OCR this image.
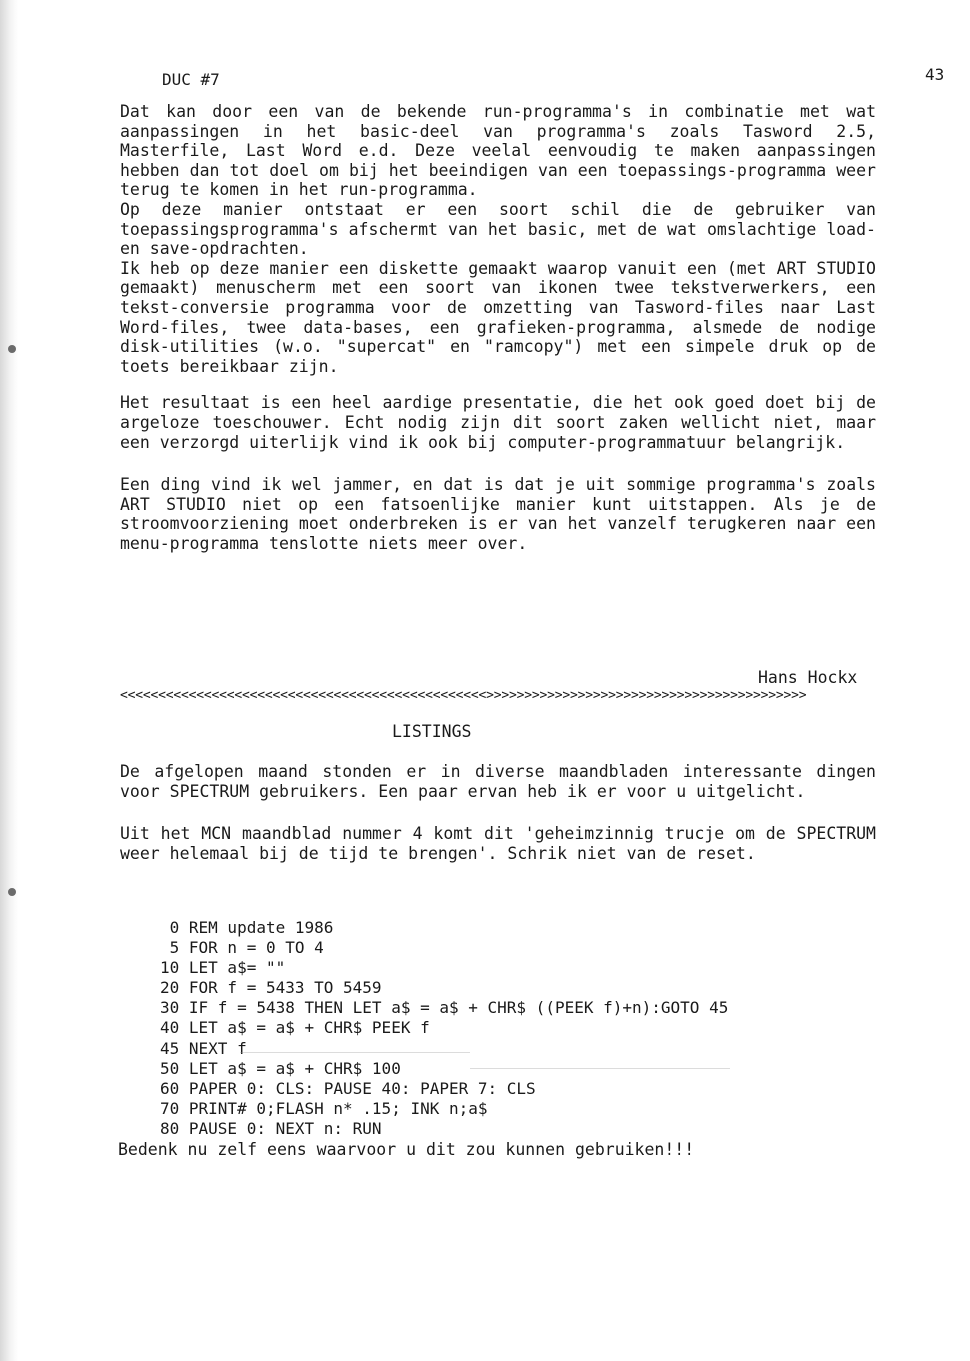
DUC #7	43

Dat kan door een van de bekende run-programma's in combinatie met wat aanpassingen in het basic-deel van programma's zoals Tasword 2.5, Masterfile, Last Word e.d. Deze veelal eenvoudig te maken aanpassingen hebben dan tot doel om bij het beeindigen van een toepassings-programma weer terug te komen in het run-programma.

Op deze manier ontstaat er een soort schil die de gebruiker van toepassingsprogramma's afschermt van het basic, met de wat omslachtige load- en save-opdrachten.

Ik heb op deze manier een diskette gemaakt waarop vanuit een (met ART STUDIO gemaakt) menuscherm met een soort van ikonen twee tekstverwerkers, een tekst-conversie programma voor de omzetting van Tasword-files naar Last Word-files, twee data-bases, een grafieken-programma, alsmede de nodige disk-utilities (w.o. "supercat" en "ramcopy") met een simpele druk op de toets bereikbaar zijn.

Het resultaat is een heel aardige presentatie, die het ook goed doet bij de argeloze toeschouwer. Echt nodig zijn dit soort zaken wellicht niet, maar een verzorgd uiterlijk vind ik ook bij computer-programmatuur belangrijk.

Een ding vind ik wel jammer, en dat is dat je uit sommige programma's zoals ART STUDIO niet op een fatsoenlijke manier kunt uitstappen. Als je de stroomvoorziening moet onderbreken is er van het vanzelf terugkeren naar een menu-programma tenslotte niets meer over.

Hans Hockx
<<<<<<<<<<<<<<<<<<<<<<<<<<<<<<<<<<<<<<<<<<<<<<<<>>>>>>>>>>>>>>>>>>>>>>>>>>>>>>>>>>>>>>>>>>
LISTINGS

De afgelopen maand stonden er in diverse maandbladen interessante dingen voor SPECTRUM gebruikers. Een paar ervan heb ik er voor u uitgelicht.

Uit het MCN maandblad nummer 4 komt dit 'geheimzinnig trucje om de SPECTRUM weer helemaal bij de tijd te brengen'. Schrik niet van de reset.

0 REM update 1986
5 FOR n = 0 TO 4
10 LET a$= ""
20 FOR f = 5433 TO 5459
30 IF f = 5438 THEN LET a$ = a$ + CHR$ ((PEEK f)+n):GOTO 45
40 LET a$ = a$ + CHR$ PEEK f
45 NEXT f
50 LET a$ = a$ + CHR$ 100
60 PAPER 0: CLS: PAUSE 40: PAPER 7: CLS
70 PRINT# 0;FLASH n* .15; INK n;a$
80 PAUSE 0: NEXT n: RUN
Bedenk nu zelf eens waarvoor u dit zou kunnen gebruiken!!!
